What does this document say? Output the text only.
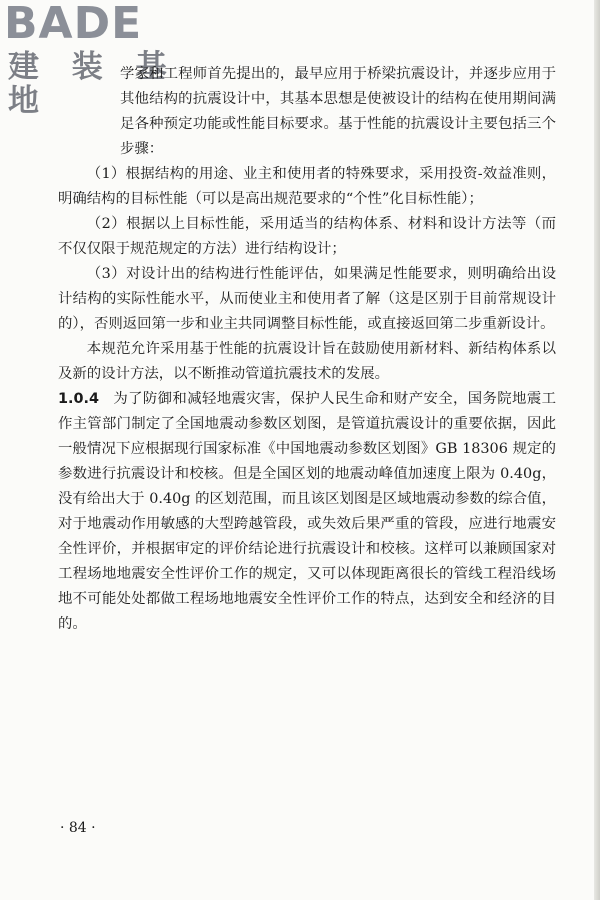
BADE
建 装 基 地

学家和工程师首先提出的，最早应用于桥梁抗震设计，并逐步应用于其他结构的抗震设计中，其基本思想是使被设计的结构在使用期间满足各种预定功能或性能目标要求。基于性能的抗震设计主要包括三个步骤：

（1）根据结构的用途、业主和使用者的特殊要求，采用投资-效益准则，明确结构的目标性能（可以是高出规范要求的“个性”化目标性能）；

（2）根据以上目标性能，采用适当的结构体系、材料和设计方法等（而不仅仅限于规范规定的方法）进行结构设计；

（3）对设计出的结构进行性能评估，如果满足性能要求，则明确给出设计结构的实际性能水平，从而使业主和使用者了解（这是区别于目前常规设计的），否则返回第一步和业主共同调整目标性能，或直接返回第二步重新设计。

本规范允许采用基于性能的抗震设计旨在鼓励使用新材料、新结构体系以及新的设计方法，以不断推动管道抗震技术的发展。

1.0.4 为了防御和减轻地震灾害，保护人民生命和财产安全，国务院地震工作主管部门制定了全国地震动参数区划图，是管道抗震设计的重要依据，因此一般情况下应根据现行国家标准《中国地震动参数区划图》GB 18306 规定的参数进行抗震设计和校核。但是全国区划的地震动峰值加速度上限为 0.40g，没有给出大于 0.40g 的区划范围，而且该区划图是区域地震动参数的综合值，对于地震动作用敏感的大型跨越管段，或失效后果严重的管段，应进行地震安全性评价，并根据审定的评价结论进行抗震设计和校核。这样可以兼顾国家对工程场地地震安全性评价工作的规定，又可以体现距离很长的管线工程沿线场地不可能处处都做工程场地地震安全性评价工作的特点，达到安全和经济的目的。

· 84 ·
